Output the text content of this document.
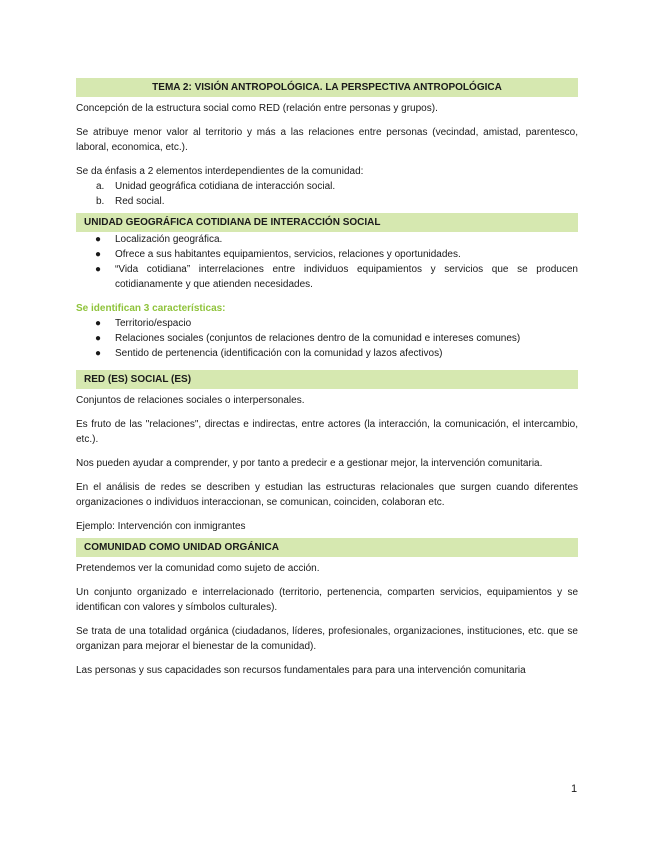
TEMA 2: VISIÓN ANTROPOLÓGICA. LA PERSPECTIVA ANTROPOLÓGICA

Concepción de la estructura social como RED (relación entre personas y grupos).

Se atribuye menor valor al territorio y más a las relaciones entre personas (vecindad, amistad, parentesco, laboral, economica, etc.).

Se da énfasis a 2 elementos interdependientes de la comunidad:

a. Unidad geográfica cotidiana de interacción social.
b. Red social.
UNIDAD GEOGRÁFICA COTIDIANA DE INTERACCIÓN SOCIAL
● Localización geográfica.
● Ofrece a sus habitantes equipamientos, servicios, relaciones y oportunidades.
● “Vida cotidiana” interrelaciones entre individuos equipamientos y servicios que se producen cotidianamente y que atienden necesidades.

Se identifican 3 características:

● Territorio/espacio
● Relaciones sociales (conjuntos de relaciones dentro de la comunidad e intereses comunes)
● Sentido de pertenencia (identificación con la comunidad y lazos afectivos)
RED (ES) SOCIAL (ES)

Conjuntos de relaciones sociales o interpersonales.

Es fruto de las "relaciones", directas e indirectas, entre actores (la interacción, la comunicación, el intercambio, etc.).

Nos pueden ayudar a comprender, y por tanto a predecir e a gestionar mejor, la intervención comunitaria.

En el análisis de redes se describen y estudian las estructuras relacionales que surgen cuando diferentes organizaciones o individuos interaccionan, se comunican, coinciden, colaboran etc.

Ejemplo: Intervención con inmigrantes

COMUNIDAD COMO UNIDAD ORGÁNICA

Pretendemos ver la comunidad como sujeto de acción.

Un conjunto organizado e interrelacionado (territorio, pertenencia, comparten servicios, equipamientos y se identifican con valores y símbolos culturales).

Se trata de una totalidad orgánica (ciudadanos, líderes, profesionales, organizaciones, instituciones, etc. que se organizan para mejorar el bienestar de la comunidad).

Las personas y sus capacidades son recursos fundamentales para para una intervención comunitaria

1
